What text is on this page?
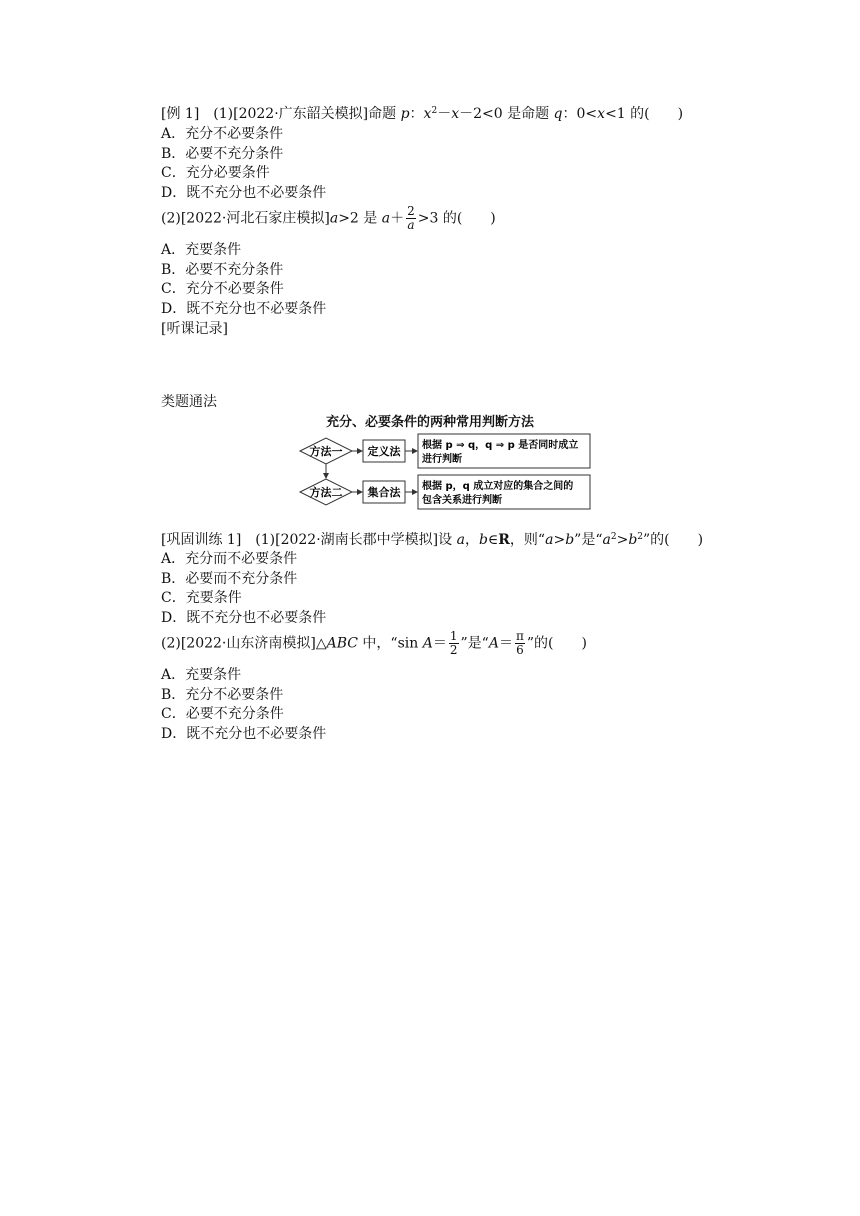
[例 1]  (1)[2022·广东韶关模拟]命题 p：$x^2-x-2<0$ 是命题 q：0<x<1 的(　　)
A．充分不必要条件
B．必要不充分条件
C．充分必要条件
D．既不充分也不必要条件
(2)[2022·河北石家庄模拟]a>2 是 $a+ \frac{2}{a} >3$ 的(　　)
A．充要条件
B．必要不充分条件
C．充分不必要条件
D．既不充分也不必要条件
[听课记录]
类题通法
充分、必要条件的两种常用判断方法
方法一 定义法 根据 p ⇒ q，q ⇒ p 是否同时成立
进行判断
方法二 集合法 根据 p，q 成立对应的集合之间的
包含关系进行判断
[巩固训练 1]　(1)[2022·湖南长郡中学模拟]设 a，b∈R，则“a>b”是“$a^2>b^2$”的(　　)
A．充分而不必要条件
B．必要而不充分条件
C．充要条件
D．既不充分也不必要条件
(2)[2022·山东济南模拟]△ABC 中，“sin $A= \frac{1}{2}$ ”是“$A= \frac{\pi}{6}$ ”的(　　)
A．充要条件
B．充分不必要条件
C．必要不充分条件
D．既不充分也不必要条件
